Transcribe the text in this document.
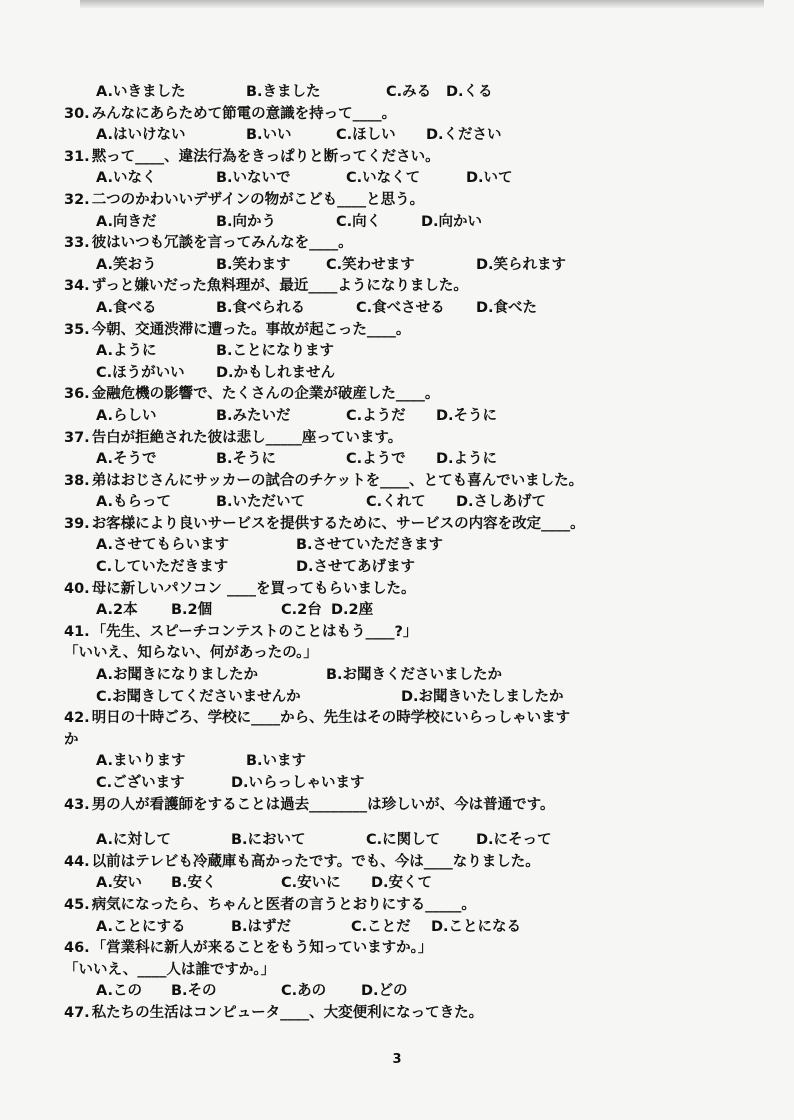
A.いきました	B.きました	C.みる D.くる
30. みんなにあらためて節電の意識を持って____。
A.はいけない	B.いい	C.ほしい D.ください
31. 黙って____、違法行為をきっぱりと断ってください。
A.いなく	B.いないで	C.いなくて	D.いて
32. 二つのかわいいデザインの物がこども____と思う。
A.向きだ	B.向かう	C.向く	D.向かい
33. 彼はいつも冗談を言ってみんなを____。
A.笑おう	B.笑わます C.笑わせます	D.笑られます
34. ずっと嫌いだった魚料理が、最近____ようになりました。
A.食べる	B.食べられる	C.食べさせる D.食べた
35. 今朝、交通渋滞に遭った。事故が起こった____。
A.ように	B.ことになります
C.ほうがいい D.かもしれません
36. 金融危機の影響で、たくさんの企業が破産した____。
A.らしい	B.みたいだ	C.ようだ D.そうに
37. 告白が拒絶された彼は悲し_____座っています。
A.そうで	B.そうに	C.ようで D.ように
38. 弟はおじさんにサッカーの試合のチケットを____、とても喜んでいました。
A.もらって	B.いただいて	C.くれて D.さしあげて
39. お客様により良いサービスを提供するために、サービスの内容を改定____。
A.させてもらいます	B.させていただきます
C.していただきます	D.させてあげます
40. 母に新しいパソコン ____を買ってもらいました。
A.2本 B.2個	C.2台 D.2座
41. 「先生、スピーチコンテストのことはもう____?」
「いいえ、知らない、何があったの。」
A.お聞きになりましたか	B.お聞きくださいましたか
C.お聞きしてくださいませんか	D.お聞きいたしましたか
42. 明日の十時ごろ、学校に____から、先生はその時学校にいらっしゃいます
か
A.まいります	B.います
C.ございます	D.いらっしゃいます
43. 男の人が看護師をすることは過去________は珍しいが、今は普通です。
A.に対して	B.において	C.に関して D.にそって
44. 以前はテレビも冷蔵庫も高かったです。でも、今は____なりました。
A.安い B.安く	C.安いに D.安くて
45. 病気になったら、ちゃんと医者の言うとおりにする_____。
A.ことにする	B.はずだ	C.ことだ D.ことになる
46. 「営業科に新人が来ることをもう知っていますか。」
「いいえ、____人は誰ですか。」
A.この B.その	C.あの D.どの
47. 私たちの生活はコンピュータ____、大変便利になってきた。
3
